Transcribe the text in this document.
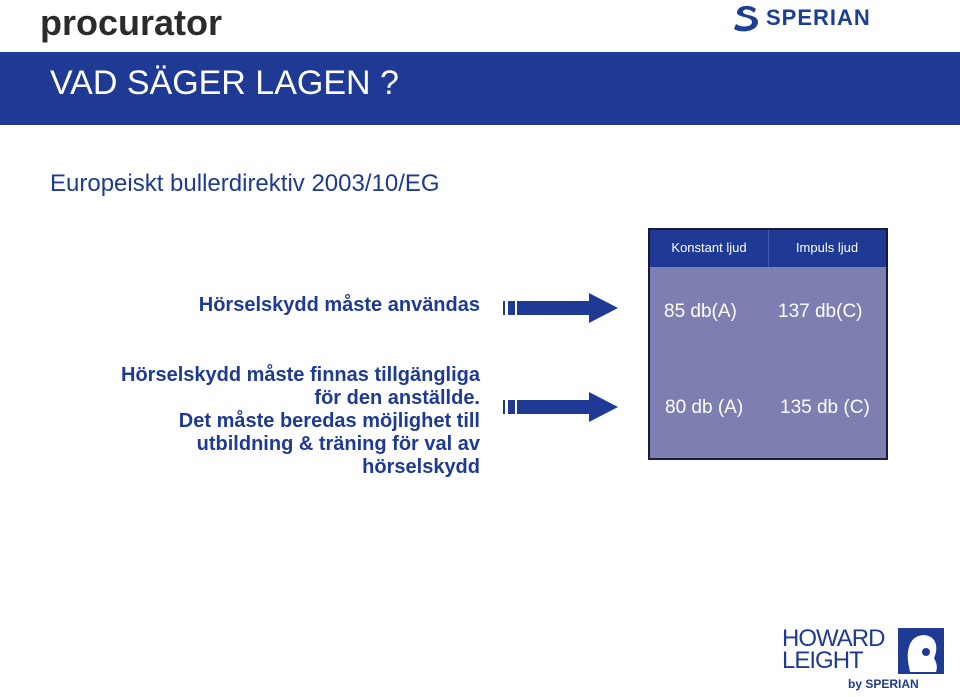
procurator	SPERIAN
VAD SÄGER LAGEN ?
Europeiskt bullerdirektiv 2003/10/EG
Hörselskydd måste användas
Hörselskydd måste finnas tillgängliga
för den anställde.
Det måste beredas möjlighet till
utbildning & träning för val av
hörselskydd
Konstant ljud	Impuls ljud
85 db(A) 137 db(C)
80 db (A) 135 db (C)
HOWARD
LEIGHT
by SPERIAN
